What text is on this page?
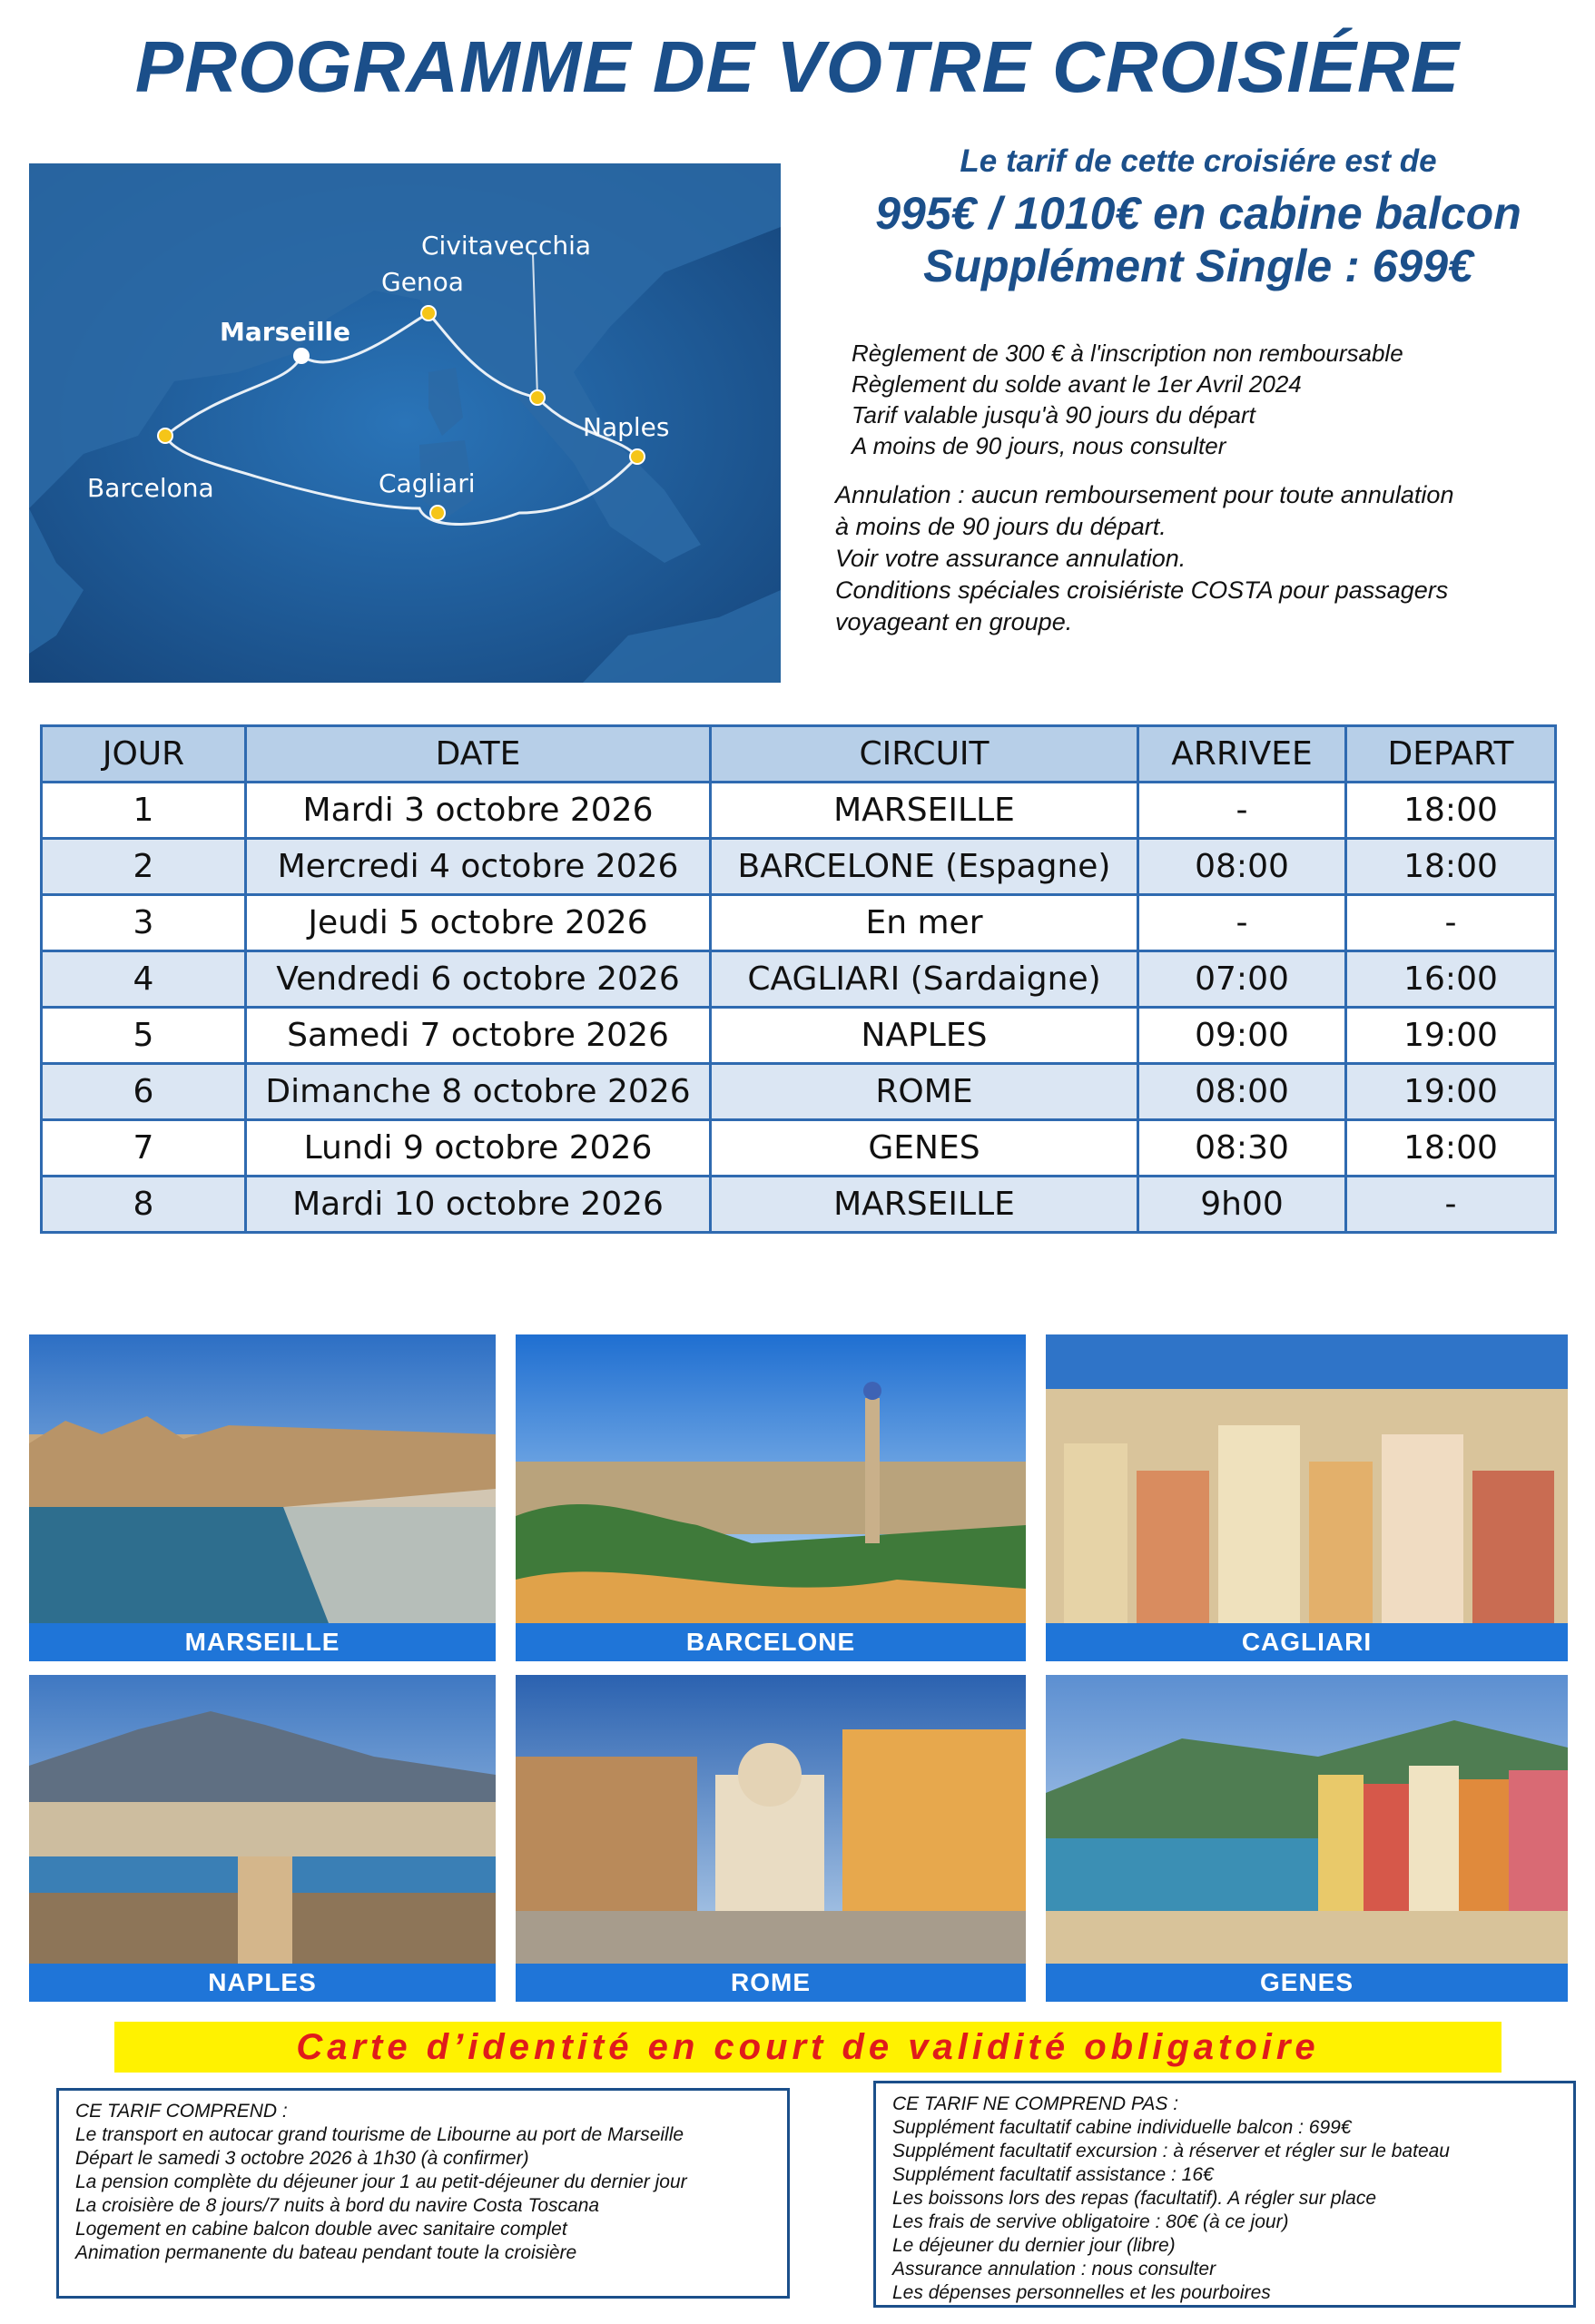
PROGRAMME DE VOTRE CROISIÉRE
Civitavecchia
Genoa
Marseille
Naples
Barcelona	Cagliari
Le tarif de cette croisiére est de
995€ / 1010€ en cabine balcon
Supplément Single : 699€
Règlement de 300 € à l'inscription non remboursable
Règlement du solde avant le 1er Avril 2024
Tarif valable jusqu'à 90 jours du départ
A moins de 90 jours, nous consulter
Annulation : aucun remboursement pour toute annulation
à moins de 90 jours du départ.
Voir votre assurance annulation.
Conditions spéciales croisiériste COSTA pour passagers
voyageant en groupe.
JOUR	DATE	CIRCUIT	ARRIVEE	DEPART
1	Mardi 3 octobre 2026	MARSEILLE	-	18:00
2	Mercredi 4 octobre 2026	BARCELONE (Espagne)	08:00	18:00
3	Jeudi 5 octobre 2026	En mer	-	-
4	Vendredi 6 octobre 2026	CAGLIARI (Sardaigne)	07:00	16:00
5	Samedi 7 octobre 2026	NAPLES	09:00	19:00
6	Dimanche 8 octobre 2026	ROME	08:00	19:00
7	Lundi 9 octobre 2026	GENES	08:30	18:00
8	Mardi 10 octobre 2026	MARSEILLE	9h00	-
MARSEILLE	BARCELONE	CAGLIARI
NAPLES	ROME	GENES
Carte d’identité en court de validité obligatoire
CE TARIF COMPREND :
Le transport en autocar grand tourisme de Libourne au port de Marseille
Départ le samedi 3 octobre 2026 à 1h30 (à confirmer)
La pension complète du déjeuner jour 1 au petit-déjeuner du dernier jour
La croisière de 8 jours/7 nuits à bord du navire Costa Toscana
Logement en cabine balcon double avec sanitaire complet
Animation permanente du bateau pendant toute la croisière
CE TARIF NE COMPREND PAS :
Supplément facultatif cabine individuelle balcon : 699€
Supplément facultatif excursion : à réserver et régler sur le bateau
Supplément facultatif assistance : 16€
Les boissons lors des repas (facultatif). A régler sur place
Les frais de servive obligatoire : 80€ (à ce jour)
Le déjeuner du dernier jour (libre)
Assurance annulation : nous consulter
Les dépenses personnelles et les pourboires
